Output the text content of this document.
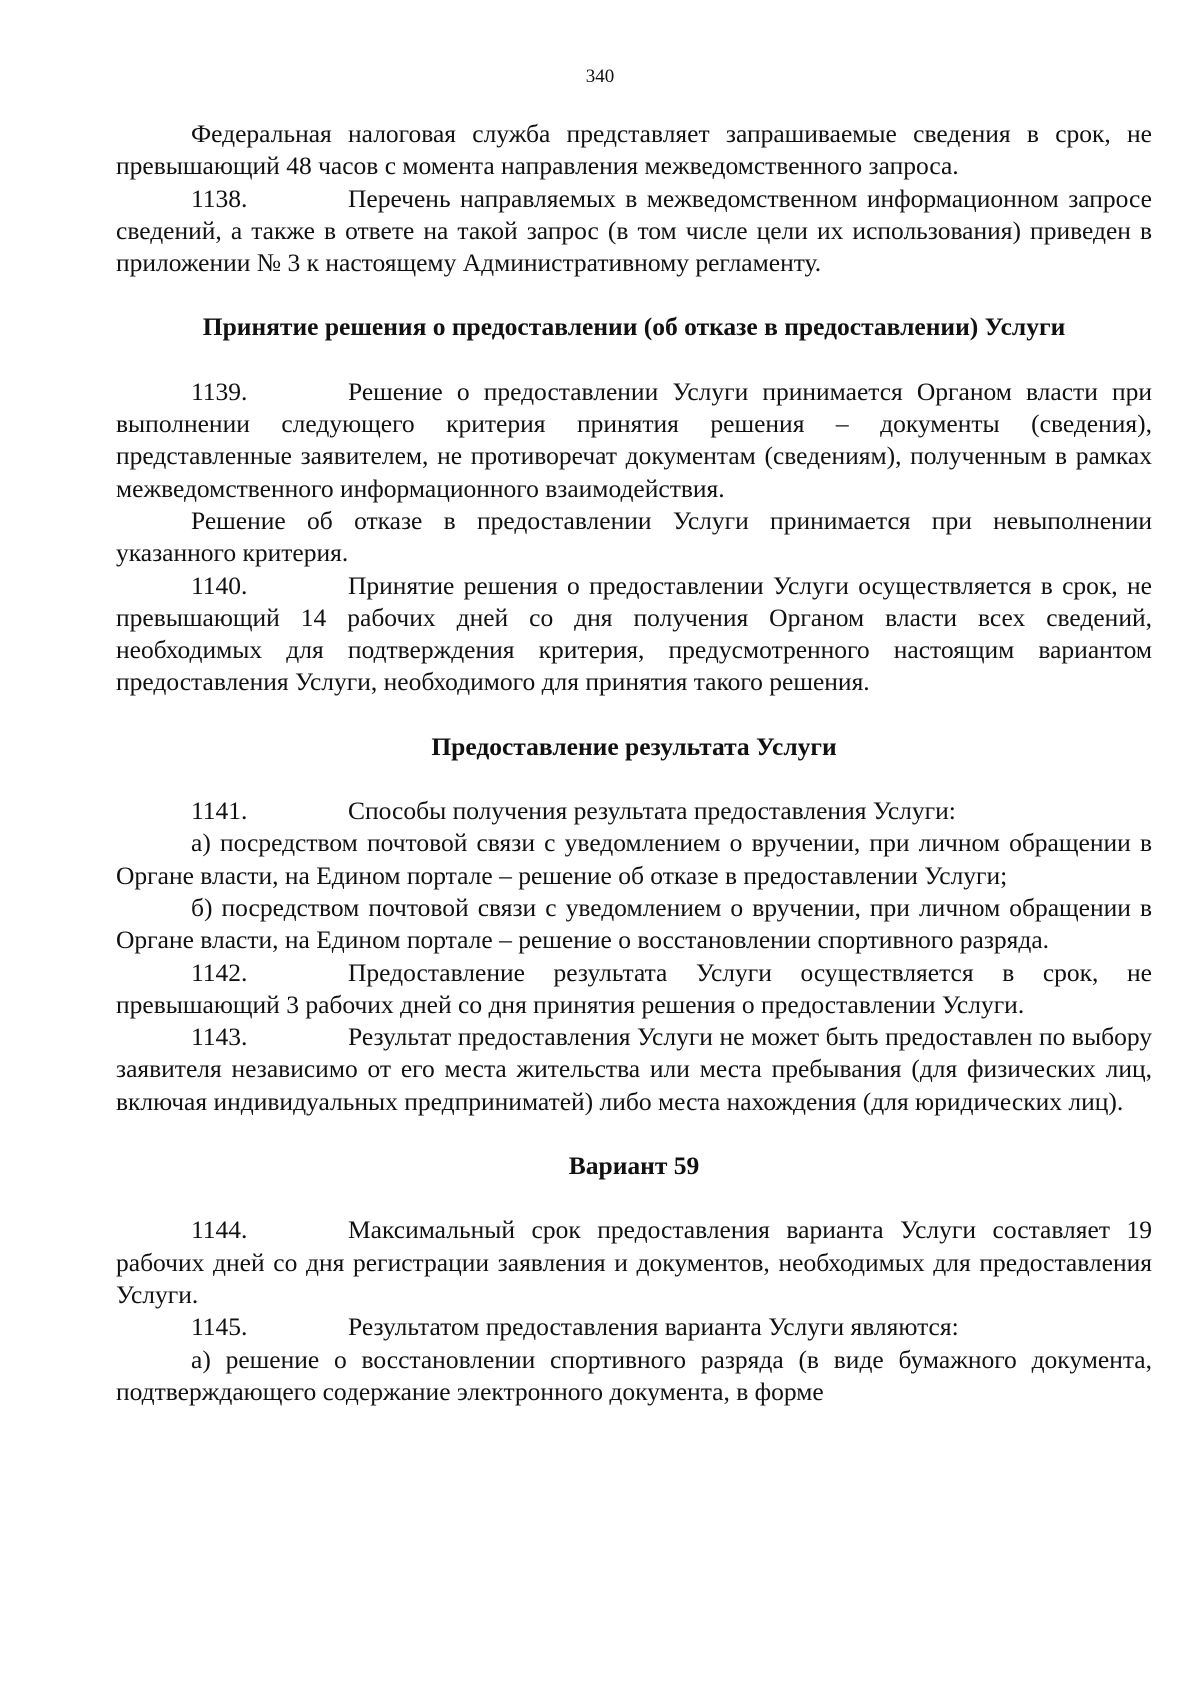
340

Федеральная налоговая служба представляет запрашиваемые сведения в срок, не превышающий 48 часов с момента направления межведомственного запроса.

1138.	Перечень направляемых в межведомственном информационном запросе сведений, а также в ответе на такой запрос (в том числе цели их использования) приведен в приложении № 3 к настоящему Административному регламенту.

Принятие решения о предоставлении (об отказе в предоставлении) Услуги

1139.	Решение о предоставлении Услуги принимается Органом власти при выполнении следующего критерия принятия решения – документы (сведения), представленные заявителем, не противоречат документам (сведениям), полученным в рамках межведомственного информационного взаимодействия.

Решение об отказе в предоставлении Услуги принимается при невыполнении указанного критерия.

1140.	Принятие решения о предоставлении Услуги осуществляется в срок, не превышающий 14 рабочих дней со дня получения Органом власти всех сведений, необходимых для подтверждения критерия, предусмотренного настоящим вариантом предоставления Услуги, необходимого для принятия такого решения.

Предоставление результата Услуги

1141.	Способы получения результата предоставления Услуги:

а) посредством почтовой связи с уведомлением о вручении, при личном обращении в Органе власти, на Едином портале – решение об отказе в предоставлении Услуги;

б) посредством почтовой связи с уведомлением о вручении, при личном обращении в Органе власти, на Едином портале – решение о восстановлении спортивного разряда.

1142.	Предоставление результата Услуги осуществляется в срок, не превышающий 3 рабочих дней со дня принятия решения о предоставлении Услуги.

1143.	Результат предоставления Услуги не может быть предоставлен по выбору заявителя независимо от его места жительства или места пребывания (для физических лиц, включая индивидуальных предприниматей) либо места нахождения (для юридических лиц).

Вариант 59

1144.	Максимальный срок предоставления варианта Услуги составляет 19 рабочих дней со дня регистрации заявления и документов, необходимых для предоставления Услуги.

1145.	Результатом предоставления варианта Услуги являются:

а) решение о восстановлении спортивного разряда (в виде бумажного документа, подтверждающего содержание электронного документа, в форме
